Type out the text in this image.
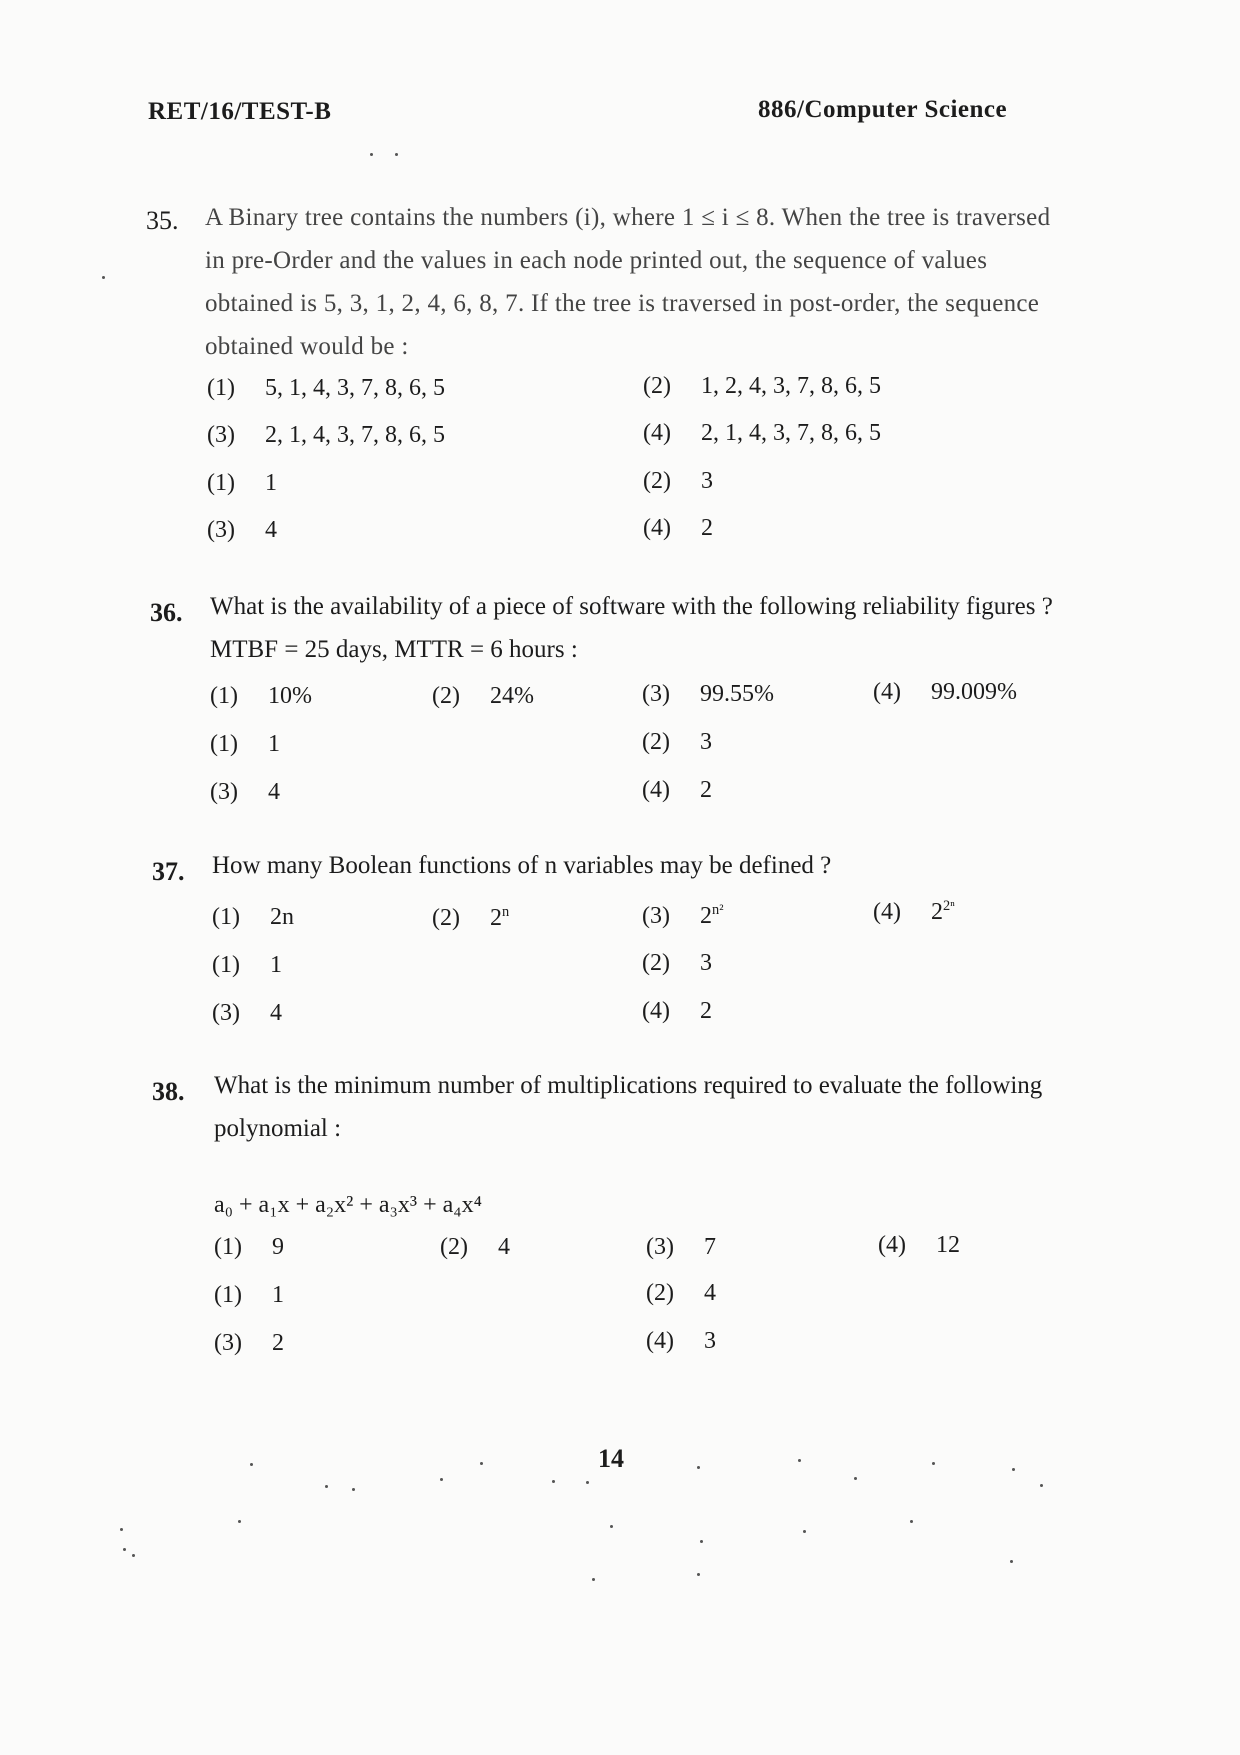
RET/16/TEST-B	886/Computer Science
35. A Binary tree contains the numbers (i), where 1 ≤ i ≤ 8. When the tree is traversed in pre-Order and the values in each node printed out, the sequence of values obtained is 5, 3, 1, 2, 4, 6, 8, 7. If the tree is traversed in post-order, the sequence obtained would be :
(1) 5, 1, 4, 3, 7, 8, 6, 5	(2) 1, 2, 4, 3, 7, 8, 6, 5
(3) 2, 1, 4, 3, 7, 8, 6, 5	(4) 2, 1, 4, 3, 7, 8, 6, 5
(1) 1	(2) 3
(3) 4	(4) 2
36. What is the availability of a piece of software with the following reliability figures ? MTBF = 25 days, MTTR = 6 hours :
(1) 10%	(2) 24%	(3) 99.55%	(4) 99.009%
(1) 1	(2) 3
(3) 4	(4) 2
37. How many Boolean functions of n variables may be defined ?
(1) 2n	(2) 2$^n$	(3) $2^{n^2}$	(4) $2^{2^n}$
(1) 1	(2) 3
(3) 4	(4) 2
38. What is the minimum number of multiplications required to evaluate the following polynomial :
a₀ + a₁x + a₂x² + a₃x³ + a₄x⁴
(1) 9	(2) 4	(3) 7	(4) 12
(1) 1	(2) 4
(3) 2	(4) 3
14
